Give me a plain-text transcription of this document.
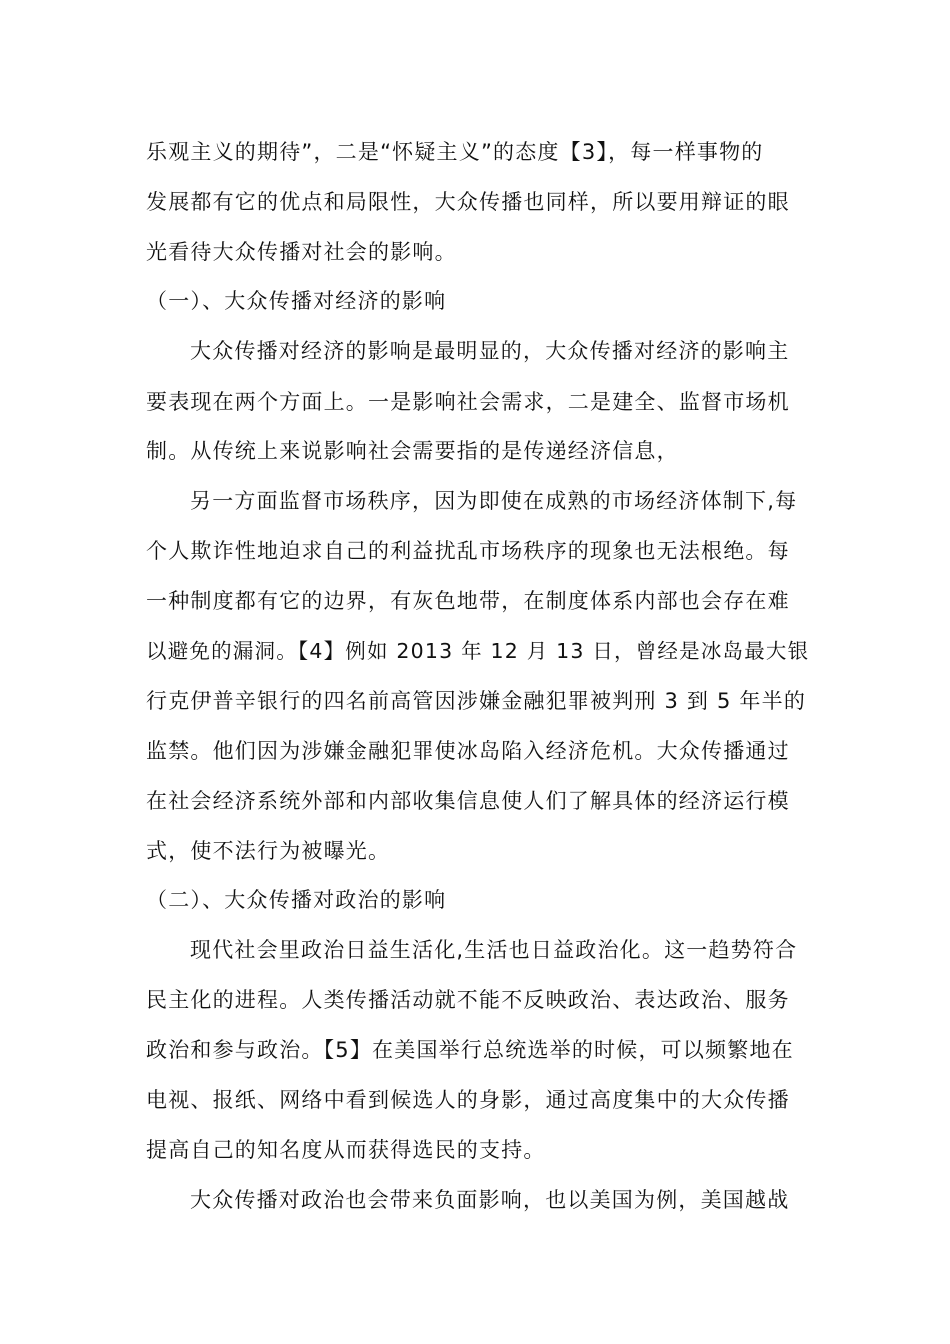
乐观主义的期待”，二是“怀疑主义”的态度【3】，每一样事物的
发展都有它的优点和局限性，大众传播也同样，所以要用辩证的眼
光看待大众传播对社会的影响。
（一）、大众传播对经济的影响
大众传播对经济的影响是最明显的，大众传播对经济的影响主
要表现在两个方面上。一是影响社会需求，二是建全、监督市场机
制。从传统上来说影响社会需要指的是传递经济信息，
另一方面监督市场秩序，因为即使在成熟的市场经济体制下,每
个人欺诈性地迫求自己的利益扰乱市场秩序的现象也无法根绝。每
一种制度都有它的边界，有灰色地带，在制度体系内部也会存在难
以避免的漏洞。【4】例如 2013 年 12 月 13 日，曾经是冰岛最大银
行克伊普辛银行的四名前高管因涉嫌金融犯罪被判刑 3 到 5 年半的
监禁。他们因为涉嫌金融犯罪使冰岛陷入经济危机。大众传播通过
在社会经济系统外部和内部收集信息使人们了解具体的经济运行模
式，使不法行为被曝光。
（二）、大众传播对政治的影响
现代社会里政治日益生活化,生活也日益政治化。这一趋势符合
民主化的进程。人类传播活动就不能不反映政治、表达政治、服务
政治和参与政治。【5】在美国举行总统选举的时候，可以频繁地在
电视、报纸、网络中看到候选人的身影，通过高度集中的大众传播
提高自己的知名度从而获得选民的支持。
大众传播对政治也会带来负面影响，也以美国为例，美国越战
